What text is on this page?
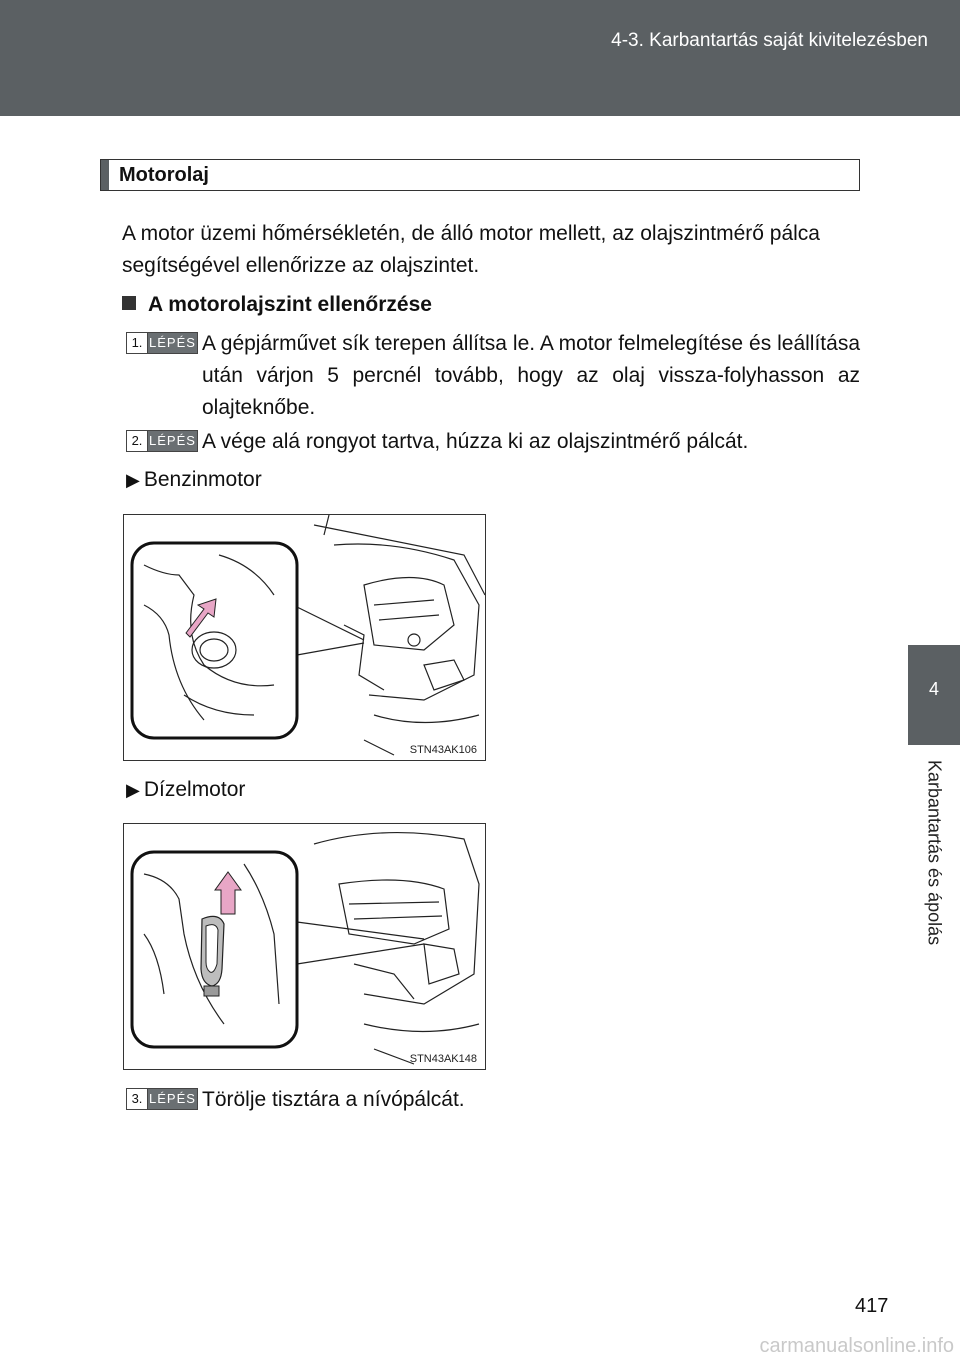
4-3. Karbantartás saját kivitelezésben
4
Karbantartás és ápolás
Motorolaj
A motor üzemi hőmérsékletén, de álló motor mellett, az olajszintmérő pálca segítségével ellenőrizze az olajszintet.
A motorolajszint ellenőrzése
1. LÉPÉS A gépjárművet sík terepen állítsa le. A motor felmelegítése és leállítása után várjon 5 percnél tovább, hogy az olaj vissza-folyhasson az olajteknőbe.
2. LÉPÉS A vége alá rongyot tartva, húzza ki az olajszintmérő pálcát.
▶ Benzinmotor
STN43AK106
▶ Dízelmotor
STN43AK148
3. LÉPÉS Törölje tisztára a nívópálcát.
417
carmanualsonline.info
